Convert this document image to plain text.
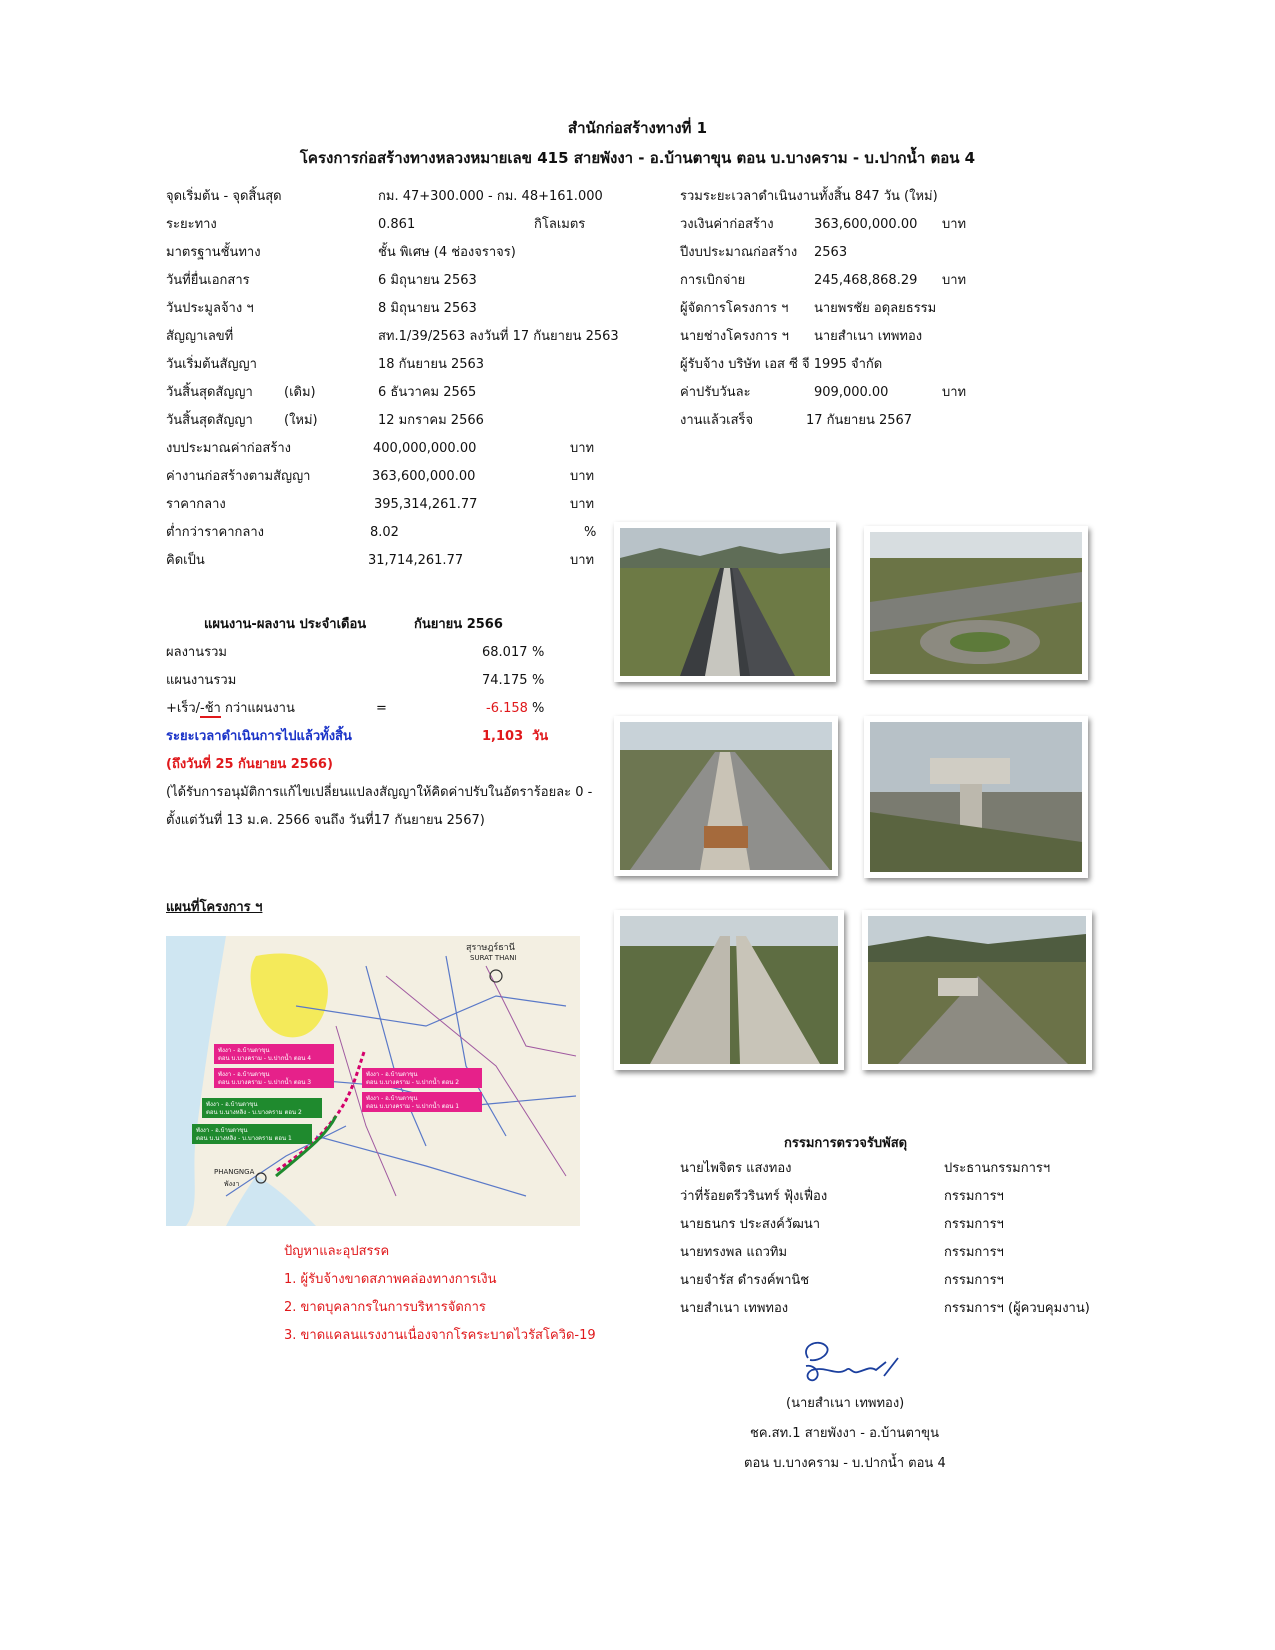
สำนักก่อสร้างทางที่ 1
โครงการก่อสร้างทางหลวงหมายเลข 415 สายพังงา - อ.บ้านตาขุน ตอน บ.บางคราม - บ.ปากน้ำ ตอน 4
จุดเริ่มต้น - จุดสิ้นสุด	กม. 47+300.000 - กม. 48+161.000
ระยะทาง	0.861	กิโลเมตร
มาตรฐานชั้นทาง	ชั้น พิเศษ (4 ช่องจราจร)
วันที่ยื่นเอกสาร	6 มิถุนายน 2563
วันประมูลจ้าง ฯ	8 มิถุนายน 2563
สัญญาเลขที่	สท.1/39/2563 ลงวันที่ 17 กันยายน 2563
วันเริ่มต้นสัญญา	18 กันยายน 2563
วันสิ้นสุดสัญญา (เดิม)	6 ธันวาคม 2565
วันสิ้นสุดสัญญา (ใหม่)	12 มกราคม 2566
งบประมาณค่าก่อสร้าง	400,000,000.00	บาท
ค่างานก่อสร้างตามสัญญา	363,600,000.00	บาท
ราคากลาง	395,314,261.77	บาท
ต่ำกว่าราคากลาง	8.02	%
คิดเป็น	31,714,261.77	บาท
รวมระยะเวลาดำเนินงานทั้งสิ้น 847 วัน (ใหม่)
วงเงินค่าก่อสร้าง	363,600,000.00 บาท
ปีงบประมาณก่อสร้าง 2563
การเบิกจ่าย	245,468,868.29 บาท
ผู้จัดการโครงการ ฯ นายพรชัย อดุลยธรรม
นายช่างโครงการ ฯ นายสำเนา เทพทอง
ผู้รับจ้าง บริษัท เอส ซี จี 1995 จำกัด
ค่าปรับวันละ	909,000.00	บาท
งานแล้วเสร็จ	17 กันยายน 2567
แผนงาน-ผลงาน ประจำเดือน	กันยายน 2566
ผลงานรวม	68.017 %
แผนงานรวม	74.175 %
+เร็ว/-ช้า กว่าแผนงาน	=	-6.158 %
ระยะเวลาดำเนินการไปแล้วทั้งสิ้น	1,103 วัน
(ถึงวันที่ 25 กันยายน 2566)
(ได้รับการอนุมัติการแก้ไขเปลี่ยนแปลงสัญญาให้คิดค่าปรับในอัตราร้อยละ 0 -
ตั้งแต่วันที่ 13 ม.ค. 2566 จนถึง วันที่17 กันยายน 2567)
แผนที่โครงการ ฯ
สุราษฎร์ธานี
SURAT THANI
PHANGNGA
พังงา
พังงา - อ.บ้านตาขุน
ตอน บ.บางคราม - บ.ปากน้ำ ตอน 4
พังงา - อ.บ้านตาขุน
ตอน บ.บางคราม - บ.ปากน้ำ ตอน 3
พังงา - อ.บ้านตาขุน
ตอน บ.บางคราม - บ.ปากน้ำ ตอน 2
พังงา - อ.บ้านตาขุน
ตอน บ.บางคราม - บ.ปากน้ำ ตอน 1
พังงา - อ.บ้านตาขุน
ตอน บ.นางหลิง - บ.บางคราม ตอน 2
พังงา - อ.บ้านตาขุน
ตอน บ.นางหลิง - บ.บางคราม ตอน 1
ปัญหาและอุปสรรค
1. ผู้รับจ้างขาดสภาพคล่องทางการเงิน
2. ขาดบุคลากรในการบริหารจัดการ
3. ขาดแคลนแรงงานเนื่องจากโรคระบาดไวรัสโควิด-19
กรรมการตรวจรับพัสดุ
นายไพจิตร แสงทอง	ประธานกรรมการฯ
ว่าที่ร้อยตรีวรินทร์ ฟุ้งเฟื่อง	กรรมการฯ
นายธนกร ประสงค์วัฒนา	กรรมการฯ
นายทรงพล แถวทิม	กรรมการฯ
นายจำรัส ดำรงค์พานิช	กรรมการฯ
นายสำเนา เทพทอง	กรรมการฯ (ผู้ควบคุมงาน)
(นายสำเนา เทพทอง)
ชค.สท.1 สายพังงา - อ.บ้านตาขุน
ตอน บ.บางคราม - บ.ปากน้ำ ตอน 4
